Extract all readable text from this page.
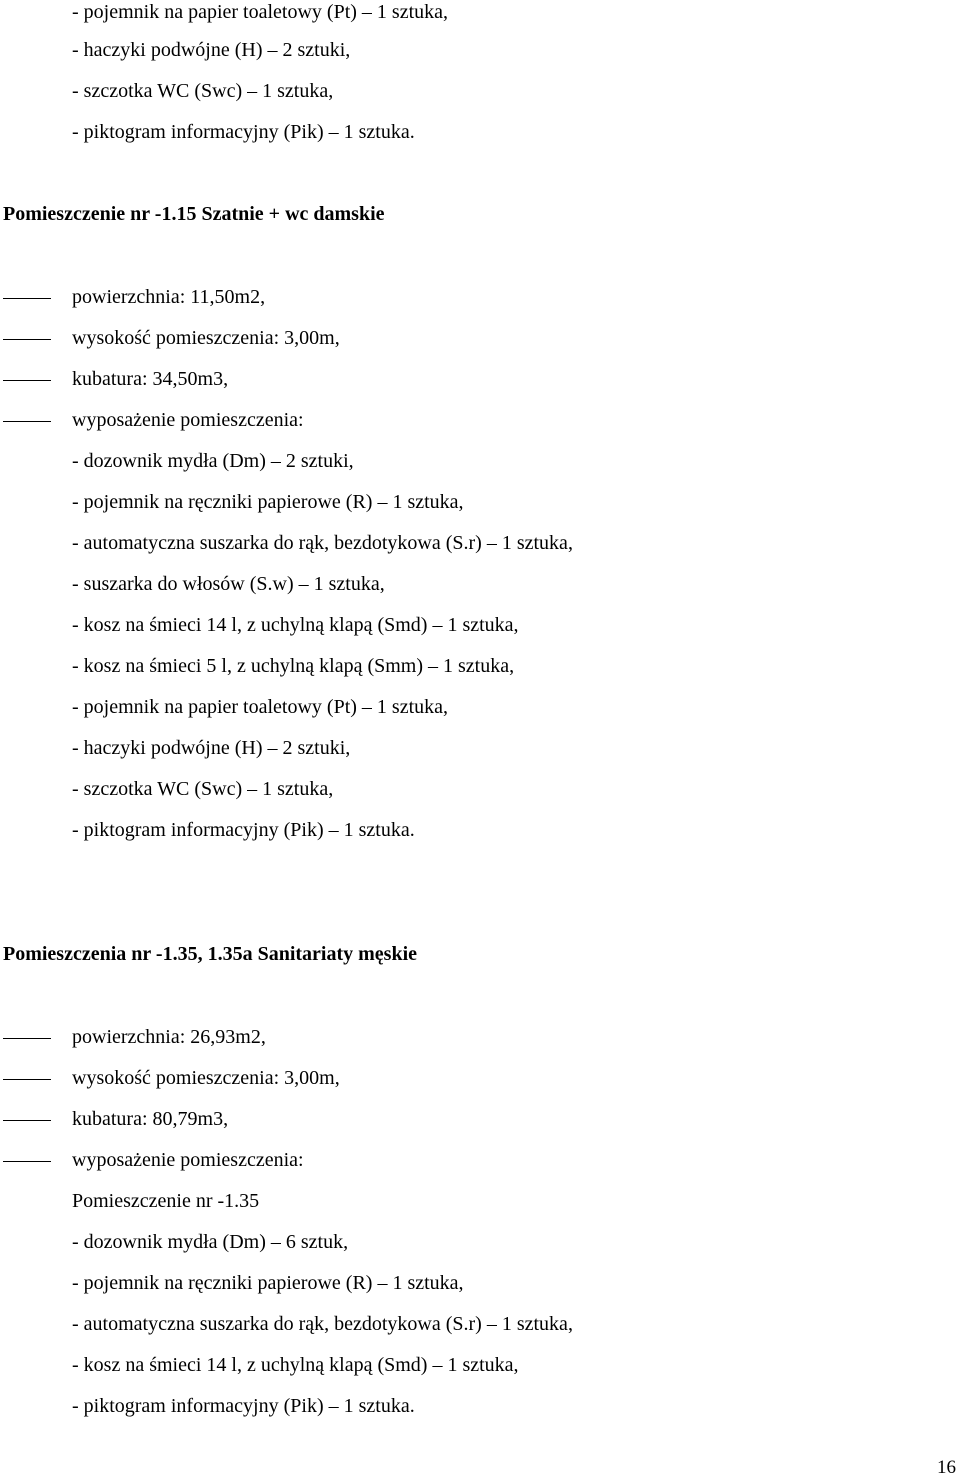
- pojemnik na papier toaletowy (Pt) – 1 sztuka,
- haczyki podwójne (H) – 2 sztuki,
- szczotka WC (Swc) – 1 sztuka,
- piktogram informacyjny (Pik) – 1 sztuka.
Pomieszczenie nr -1.15 Szatnie + wc damskie
powierzchnia: 11,50m2,
wysokość pomieszczenia: 3,00m,
kubatura: 34,50m3,
wyposażenie pomieszczenia:
- dozownik mydła (Dm) – 2 sztuki,
- pojemnik na ręczniki papierowe (R) – 1 sztuka,
- automatyczna suszarka do rąk, bezdotykowa (S.r) – 1 sztuka,
- suszarka do włosów (S.w) – 1 sztuka,
- kosz na śmieci 14 l, z uchylną klapą (Smd) – 1 sztuka,
- kosz na śmieci 5 l, z uchylną klapą (Smm) – 1 sztuka,
- pojemnik na papier toaletowy (Pt) – 1 sztuka,
- haczyki podwójne (H) – 2 sztuki,
- szczotka WC (Swc) – 1 sztuka,
- piktogram informacyjny (Pik) – 1 sztuka.
Pomieszczenia nr -1.35, 1.35a Sanitariaty męskie
powierzchnia: 26,93m2,
wysokość pomieszczenia: 3,00m,
kubatura: 80,79m3,
wyposażenie pomieszczenia:
Pomieszczenie nr -1.35
- dozownik mydła (Dm) – 6 sztuk,
- pojemnik na ręczniki papierowe (R) – 1 sztuka,
- automatyczna suszarka do rąk, bezdotykowa (S.r) – 1 sztuka,
- kosz na śmieci 14 l, z uchylną klapą (Smd) – 1 sztuka,
- piktogram informacyjny (Pik) – 1 sztuka.
16
